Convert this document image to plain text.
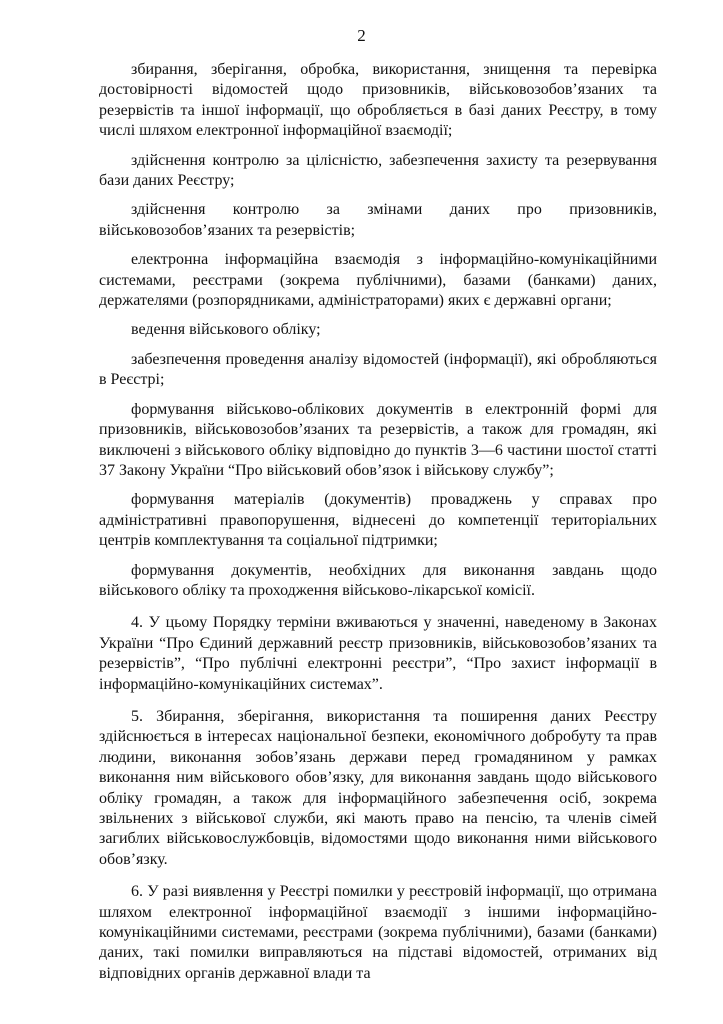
2

збирання, зберігання, обробка, використання, знищення та перевірка достовірності відомостей щодо призовників, військовозобов’язаних та резервістів та іншої інформації, що обробляється в базі даних Реєстру, в тому числі шляхом електронної інформаційної взаємодії;

здійснення контролю за цілісністю, забезпечення захисту та резервування бази даних Реєстру;

здійснення контролю за змінами даних про призовників, військовозобов’язаних та резервістів;

електронна інформаційна взаємодія з інформаційно-комунікаційними системами, реєстрами (зокрема публічними), базами (банками) даних, держателями (розпорядниками, адміністраторами) яких є державні органи;

ведення військового обліку;

забезпечення проведення аналізу відомостей (інформації), які обробляються в Реєстрі;

формування військово-облікових документів в електронній формі для призовників, військовозобов’язаних та резервістів, а також для громадян, які виключені з військового обліку відповідно до пунктів 3—6 частини шостої статті 37 Закону України “Про військовий обов’язок і військову службу”;

формування матеріалів (документів) проваджень у справах про адміністративні правопорушення, віднесені до компетенції територіальних центрів комплектування та соціальної підтримки;

формування документів, необхідних для виконання завдань щодо військового обліку та проходження військово-лікарської комісії.

4. У цьому Порядку терміни вживаються у значенні, наведеному в Законах України “Про Єдиний державний реєстр призовників, військовозобов’язаних та резервістів”, “Про публічні електронні реєстри”, “Про захист інформації в інформаційно-комунікаційних системах”.

5. Збирання, зберігання, використання та поширення даних Реєстру здійснюється в інтересах національної безпеки, економічного добробуту та прав людини, виконання зобов’язань держави перед громадянином у рамках виконання ним військового обов’язку, для виконання завдань щодо військового обліку громадян, а також для інформаційного забезпечення осіб, зокрема звільнених з військової служби, які мають право на пенсію, та членів сімей загиблих військовослужбовців, відомостями щодо виконання ними військового обов’язку.

6. У разі виявлення у Реєстрі помилки у реєстровій інформації, що отримана шляхом електронної інформаційної взаємодії з іншими інформаційно-комунікаційними системами, реєстрами (зокрема публічними), базами (банками) даних, такі помилки виправляються на підставі відомостей, отриманих від відповідних органів державної влади та
